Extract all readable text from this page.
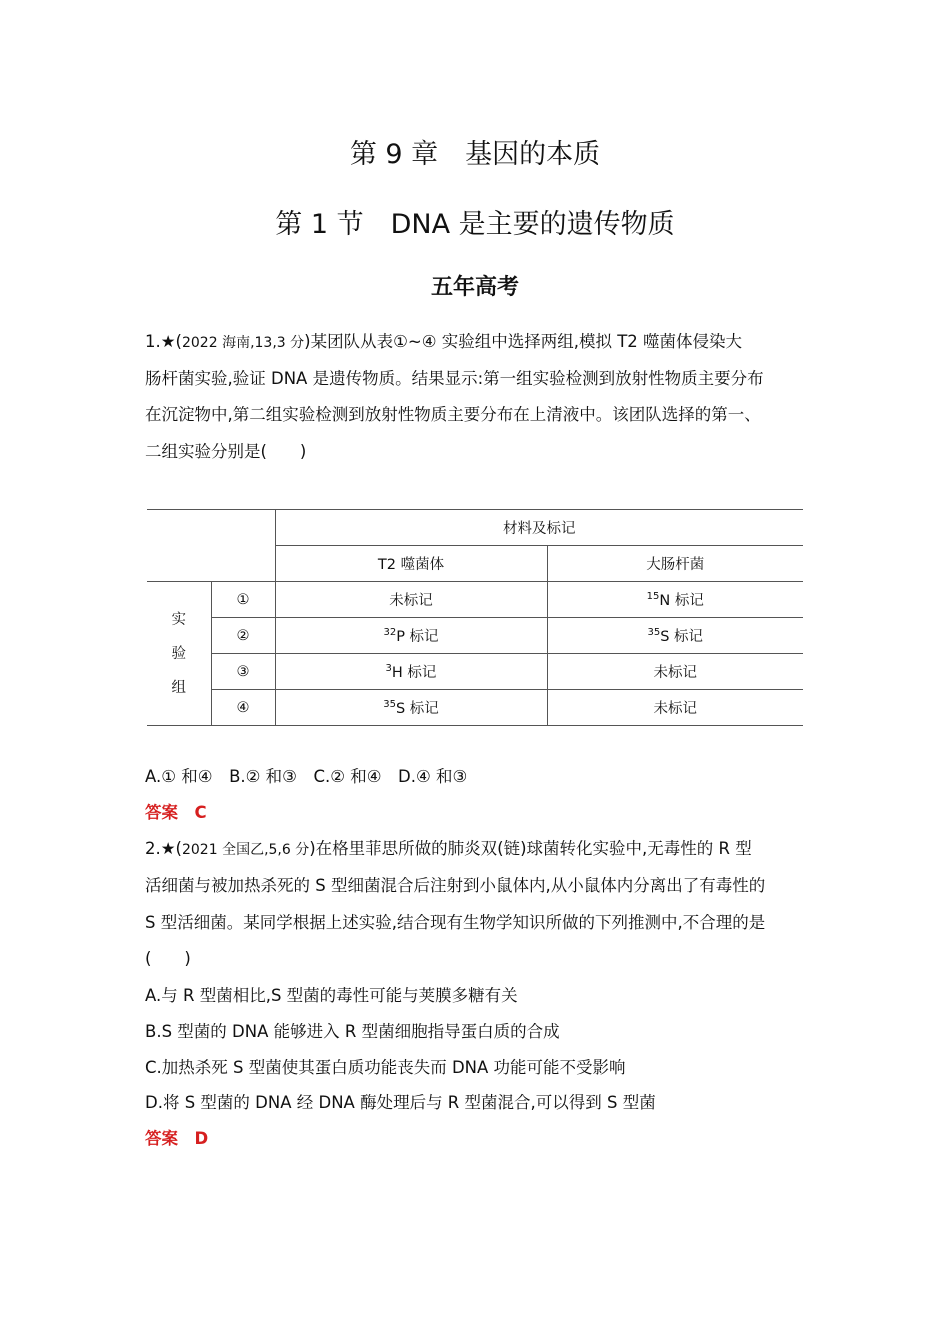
第 9 章　基因的本质
第 1 节　DNA 是主要的遗传物质
五年高考
1.★(2022 海南,13,3 分)某团队从表①~④ 实验组中选择两组,模拟 T2 噬菌体侵染大
肠杆菌实验,验证 DNA 是遗传物质。结果显示:第一组实验检测到放射性物质主要分布
在沉淀物中,第二组实验检测到放射性物质主要分布在上清液中。该团队选择的第一、
二组实验分别是(　　)
		材料及标记	
		T2 噬菌体	大肠杆菌

实
验
组	①	未标记	$^{15}$N 标记
	②	$^{32}$P 标记	$^{35}$S 标记
	③	$^3$H 标记	未标记
	④	$^{35}$S 标记	未标记
A.① 和④　B.② 和③　C.② 和④　D.④ 和③
答案　C
2.★(2021 全国乙,5,6 分)在格里菲思所做的肺炎双(链)球菌转化实验中,无毒性的 R 型
活细菌与被加热杀死的 S 型细菌混合后注射到小鼠体内,从小鼠体内分离出了有毒性的
S 型活细菌。某同学根据上述实验,结合现有生物学知识所做的下列推测中,不合理的是
(　　)
A.与 R 型菌相比,S 型菌的毒性可能与荚膜多糖有关
B.S 型菌的 DNA 能够进入 R 型菌细胞指导蛋白质的合成
C.加热杀死 S 型菌使其蛋白质功能丧失而 DNA 功能可能不受影响
D.将 S 型菌的 DNA 经 DNA 酶处理后与 R 型菌混合,可以得到 S 型菌
答案　D
